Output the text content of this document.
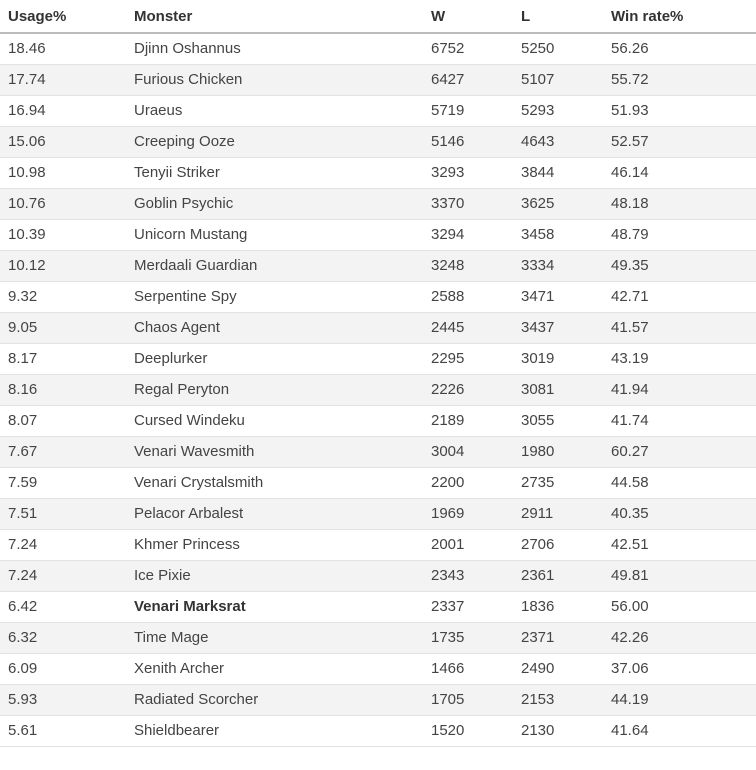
Usage%	Monster	W	L	Win rate%
18.46	Djinn Oshannus	6752	5250	56.26
17.74	Furious Chicken	6427	5107	55.72
16.94	Uraeus	5719	5293	51.93
15.06	Creeping Ooze	5146	4643	52.57
10.98	Tenyii Striker	3293	3844	46.14
10.76	Goblin Psychic	3370	3625	48.18
10.39	Unicorn Mustang	3294	3458	48.79
10.12	Merdaali Guardian	3248	3334	49.35
9.32	Serpentine Spy	2588	3471	42.71
9.05	Chaos Agent	2445	3437	41.57
8.17	Deeplurker	2295	3019	43.19
8.16	Regal Peryton	2226	3081	41.94
8.07	Cursed Windeku	2189	3055	41.74
7.67	Venari Wavesmith	3004	1980	60.27
7.59	Venari Crystalsmith	2200	2735	44.58
7.51	Pelacor Arbalest	1969	2911	40.35
7.24	Khmer Princess	2001	2706	42.51
7.24	Ice Pixie	2343	2361	49.81
6.42	Venari Marksrat	2337	1836	56.00
6.32	Time Mage	1735	2371	42.26
6.09	Xenith Archer	1466	2490	37.06
5.93	Radiated Scorcher	1705	2153	44.19
5.61	Shieldbearer	1520	2130	41.64
